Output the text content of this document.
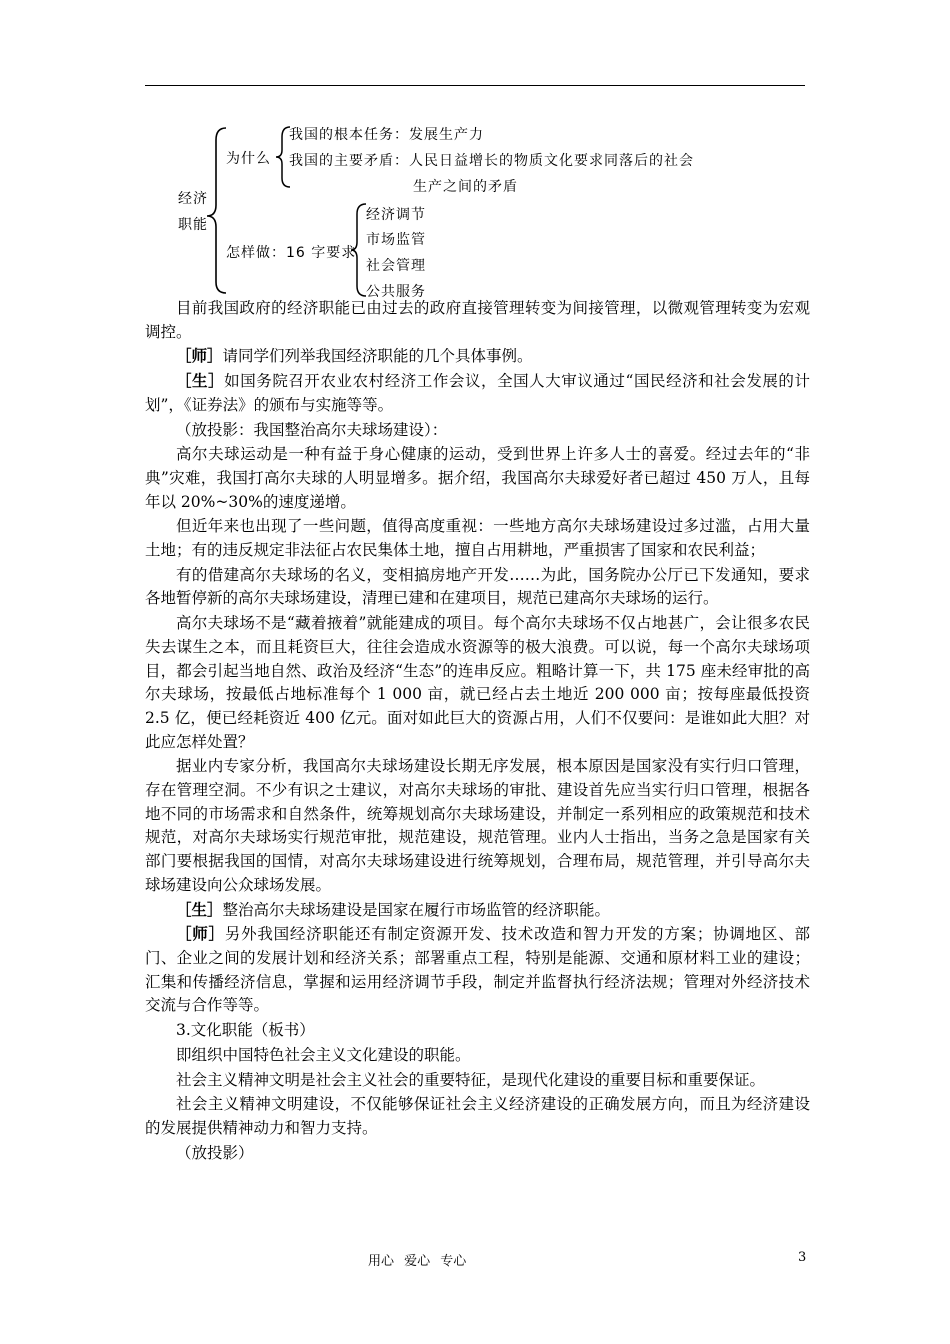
经济
职能
为什么
我国的根本任务：发展生产力
我国的主要矛盾：人民日益增长的物质文化要求同落后的社会
生产之间的矛盾
怎样做：16 字要求
经济调节
市场监管
社会管理
公共服务

目前我国政府的经济职能已由过去的政府直接管理转变为间接管理，以微观管理转变为宏观调控。

［师］请同学们列举我国经济职能的几个具体事例。

［生］如国务院召开农业农村经济工作会议，全国人大审议通过“国民经济和社会发展的计划”，《证券法》的颁布与实施等等。

（放投影：我国整治高尔夫球场建设）：

高尔夫球运动是一种有益于身心健康的运动，受到世界上许多人士的喜爱。经过去年的“非典”灾难，我国打高尔夫球的人明显增多。据介绍，我国高尔夫球爱好者已超过 450 万人，且每年以 20%~30%的速度递增。

但近年来也出现了一些问题，值得高度重视：一些地方高尔夫球场建设过多过滥，占用大量土地；有的违反规定非法征占农民集体土地，擅自占用耕地，严重损害了国家和农民利益；

有的借建高尔夫球场的名义，变相搞房地产开发……为此，国务院办公厅已下发通知，要求各地暂停新的高尔夫球场建设，清理已建和在建项目，规范已建高尔夫球场的运行。

高尔夫球场不是“藏着掖着”就能建成的项目。每个高尔夫球场不仅占地甚广，会让很多农民失去谋生之本，而且耗资巨大，往往会造成水资源等的极大浪费。可以说，每一个高尔夫球场项目，都会引起当地自然、政治及经济“生态”的连串反应。粗略计算一下，共 175 座未经审批的高尔夫球场，按最低占地标准每个 1 000 亩，就已经占去土地近 200 000 亩；按每座最低投资 2.5 亿，便已经耗资近 400 亿元。面对如此巨大的资源占用，人们不仅要问：是谁如此大胆？对此应怎样处置？

据业内专家分析，我国高尔夫球场建设长期无序发展，根本原因是国家没有实行归口管理，存在管理空洞。不少有识之士建议，对高尔夫球场的审批、建设首先应当实行归口管理，根据各地不同的市场需求和自然条件，统筹规划高尔夫球场建设，并制定一系列相应的政策规范和技术规范，对高尔夫球场实行规范审批，规范建设，规范管理。业内人士指出，当务之急是国家有关部门要根据我国的国情，对高尔夫球场建设进行统筹规划，合理布局，规范管理，并引导高尔夫球场建设向公众球场发展。

［生］整治高尔夫球场建设是国家在履行市场监管的经济职能。

［师］另外我国经济职能还有制定资源开发、技术改造和智力开发的方案；协调地区、部门、企业之间的发展计划和经济关系；部署重点工程，特别是能源、交通和原材料工业的建设；汇集和传播经济信息，掌握和运用经济调节手段，制定并监督执行经济法规；管理对外经济技术交流与合作等等。

3.文化职能（板书）

即组织中国特色社会主义文化建设的职能。

社会主义精神文明是社会主义社会的重要特征，是现代化建设的重要目标和重要保证。

社会主义精神文明建设，不仅能够保证社会主义经济建设的正确发展方向，而且为经济建设的发展提供精神动力和智力支持。

（放投影）

用心 爱心 专心	3
